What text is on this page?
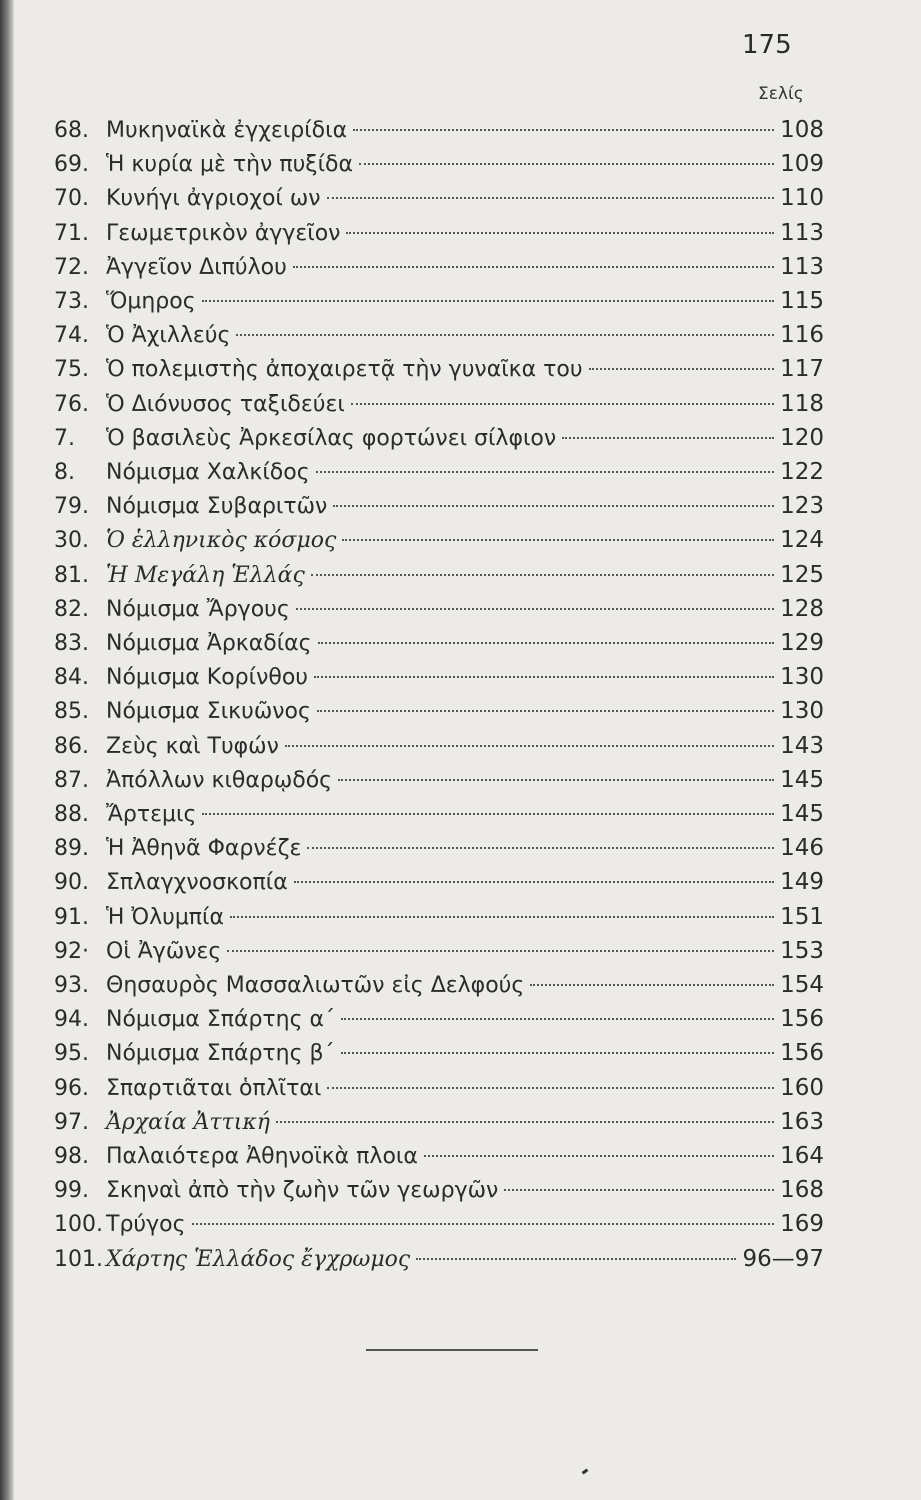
175
Σελίς
68. Μυκηναϊκὰ ἐγχειρίδια	108
69. Ἡ κυρία μὲ τὴν πυξίδα	109
70. Κυνήγι ἀγριοχοί ων	110
71. Γεωμετρικὸν ἀγγεῖον	113
72. Ἀγγεῖον Διπύλου	113
73. Ὅμηρος	115
74. Ὁ Ἀχιλλεύς	116
75. Ὁ πολεμιστὴς ἀποχαιρετᾷ τὴν γυναῖκα του	117
76. Ὁ Διόνυσος ταξιδεύει	118
7.	Ὁ βασιλεὺς Ἀρκεσίλας φορτώνει σίλφιον	120
8.	Νόμισμα Χαλκίδος	122
79. Νόμισμα Συβαριτῶν	123
30. Ὁ ἑλληνικὸς κόσμος	124
81. Ἡ Μεγάλη Ἑλλάς	125
82. Νόμισμα Ἄργους	128
83. Νόμισμα Ἀρκαδίας	129
84. Νόμισμα Κορίνθου	130
85. Νόμισμα Σικυῶνος	130
86. Ζεὺς καὶ Τυφών	143
87. Ἀπόλλων κιθαρῳδός	145
88. Ἄρτεμις	145
89. Ἡ Ἀθηνᾶ Φαρνέζε	146
90. Σπλαγχνοσκοπία	149
91. Ἡ Ὀλυμπία	151
92· Οἱ Ἀγῶνες	153
93. Θησαυρὸς Μασσαλιωτῶν εἰς Δελφούς	154
94. Νόμισμα Σπάρτης α΄	156
95. Νόμισμα Σπάρτης β΄	156
96. Σπαρτιᾶται ὁπλῖται	160
97. Ἀρχαία Ἀττική	163
98. Παλαιότερα Ἀθηνοϊκὰ πλοια	164
99. Σκηναὶ ἀπὸ τὴν ζωὴν τῶν γεωργῶν	168
100. Τρύγος	169
101. Χάρτης Ἑλλάδος ἔγχρωμος	96—97
